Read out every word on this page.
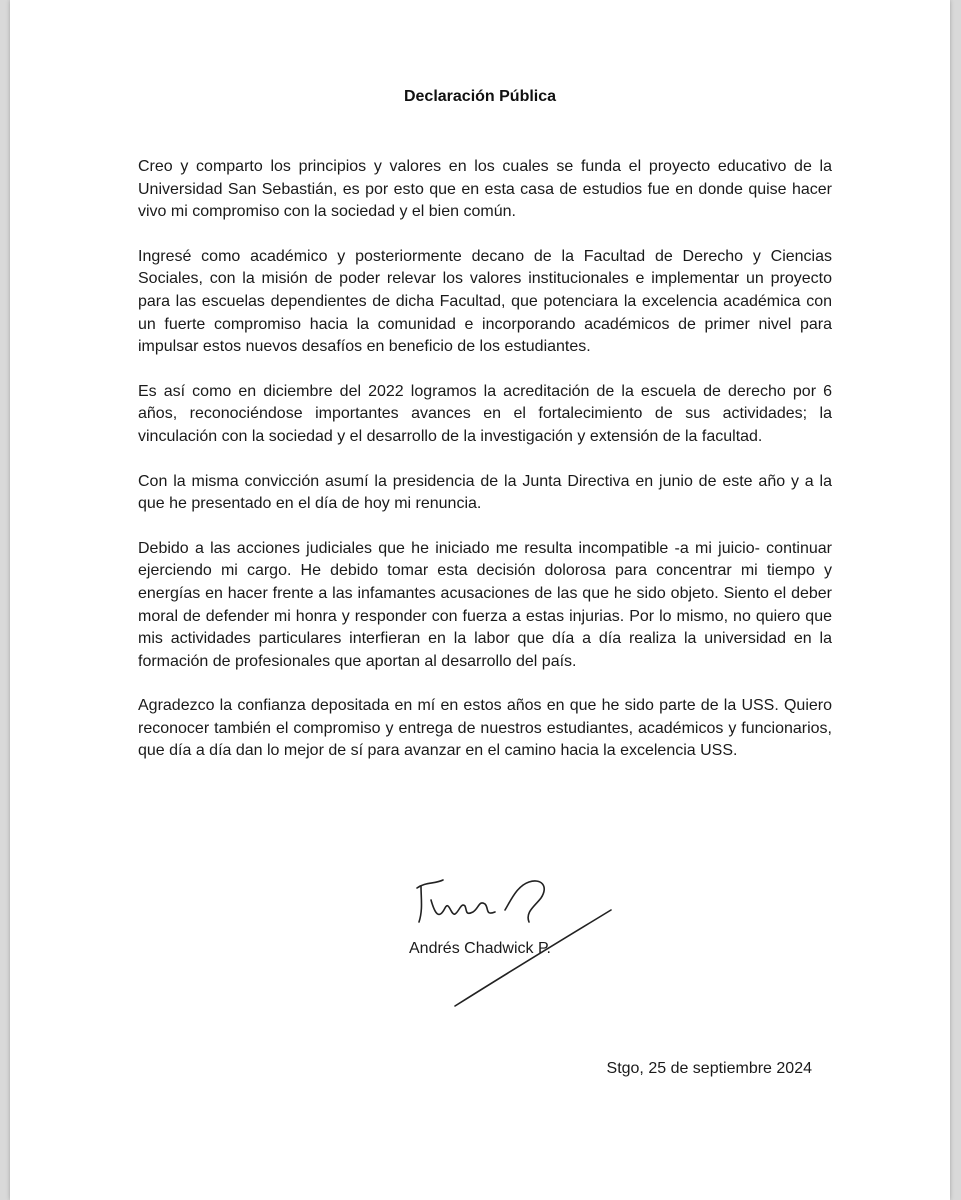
Declaración Pública

Creo y comparto los principios y valores en los cuales se funda el proyecto educativo de la Universidad San Sebastián, es por esto que en esta casa de estudios fue en donde quise hacer vivo mi compromiso con la sociedad y el bien común.

Ingresé como académico y posteriormente decano de la Facultad de Derecho y Ciencias Sociales, con la misión de poder relevar los valores institucionales e implementar un proyecto para las escuelas dependientes de dicha Facultad, que potenciara la excelencia académica con un fuerte compromiso hacia la comunidad e incorporando académicos de primer nivel para impulsar estos nuevos desafíos en beneficio de los estudiantes.

Es así como en diciembre del 2022 logramos la acreditación de la escuela de derecho por 6 años, reconociéndose importantes avances en el fortalecimiento de sus actividades; la vinculación con la sociedad y el desarrollo de la investigación y extensión de la facultad.

Con la misma convicción asumí la presidencia de la Junta Directiva en junio de este año y a la que he presentado en el día de hoy mi renuncia.

Debido a las acciones judiciales que he iniciado me resulta incompatible -a mi juicio- continuar ejerciendo mi cargo. He debido tomar esta decisión dolorosa para concentrar mi tiempo y energías en hacer frente a las infamantes acusaciones de las que he sido objeto. Siento el deber moral de defender mi honra y responder con fuerza a estas injurias. Por lo mismo, no quiero que mis actividades particulares interfieran en la labor que día a día realiza la universidad en la formación de profesionales que aportan al desarrollo del país.

Agradezco la confianza depositada en mí en estos años en que he sido parte de la USS. Quiero reconocer también el compromiso y entrega de nuestros estudiantes, académicos y funcionarios, que día a día dan lo mejor de sí para avanzar en el camino hacia la excelencia USS.

Andrés Chadwick P.
Stgo, 25 de septiembre 2024
